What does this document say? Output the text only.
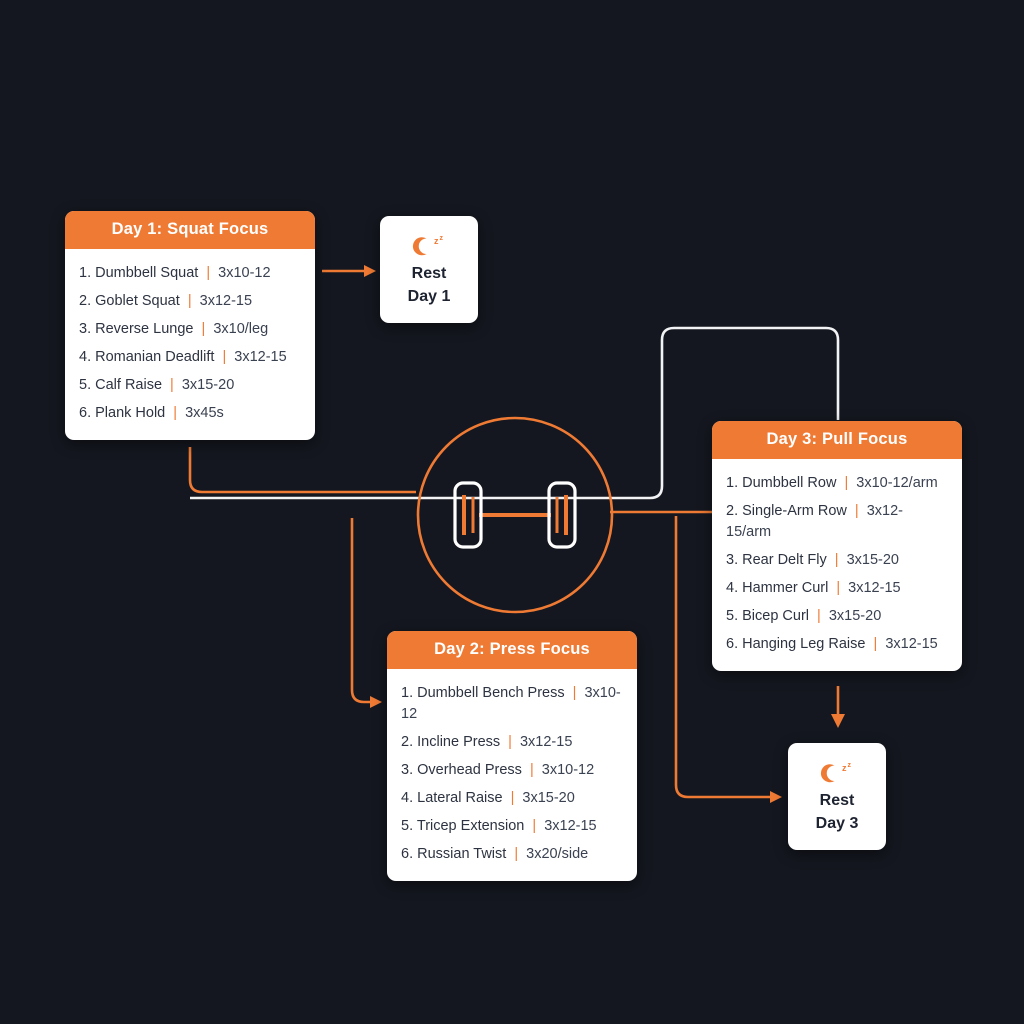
Day 1: Squat Focus
1. Dumbbell Squat | 3x10-12
2. Goblet Squat | 3x12-15
3. Reverse Lunge | 3x10/leg
4. Romanian Deadlift | 3x12-15
5. Calf Raise | 3x15-20
6. Plank Hold | 3x45s
Day 2: Press Focus
1. Dumbbell Bench Press | 3x10-12
2. Incline Press | 3x12-15
3. Overhead Press | 3x10-12
4. Lateral Raise | 3x15-20
5. Tricep Extension | 3x12-15
6. Russian Twist | 3x20/side
Day 3: Pull Focus
1. Dumbbell Row | 3x10-12/arm
2. Single-Arm Row | 3x12-15/arm
3. Rear Delt Fly | 3x15-20
4. Hammer Curl | 3x12-15
5. Bicep Curl | 3x15-20
6. Hanging Leg Raise | 3x12-15
z z
Rest
Day 1
z z
Rest
Day 3
